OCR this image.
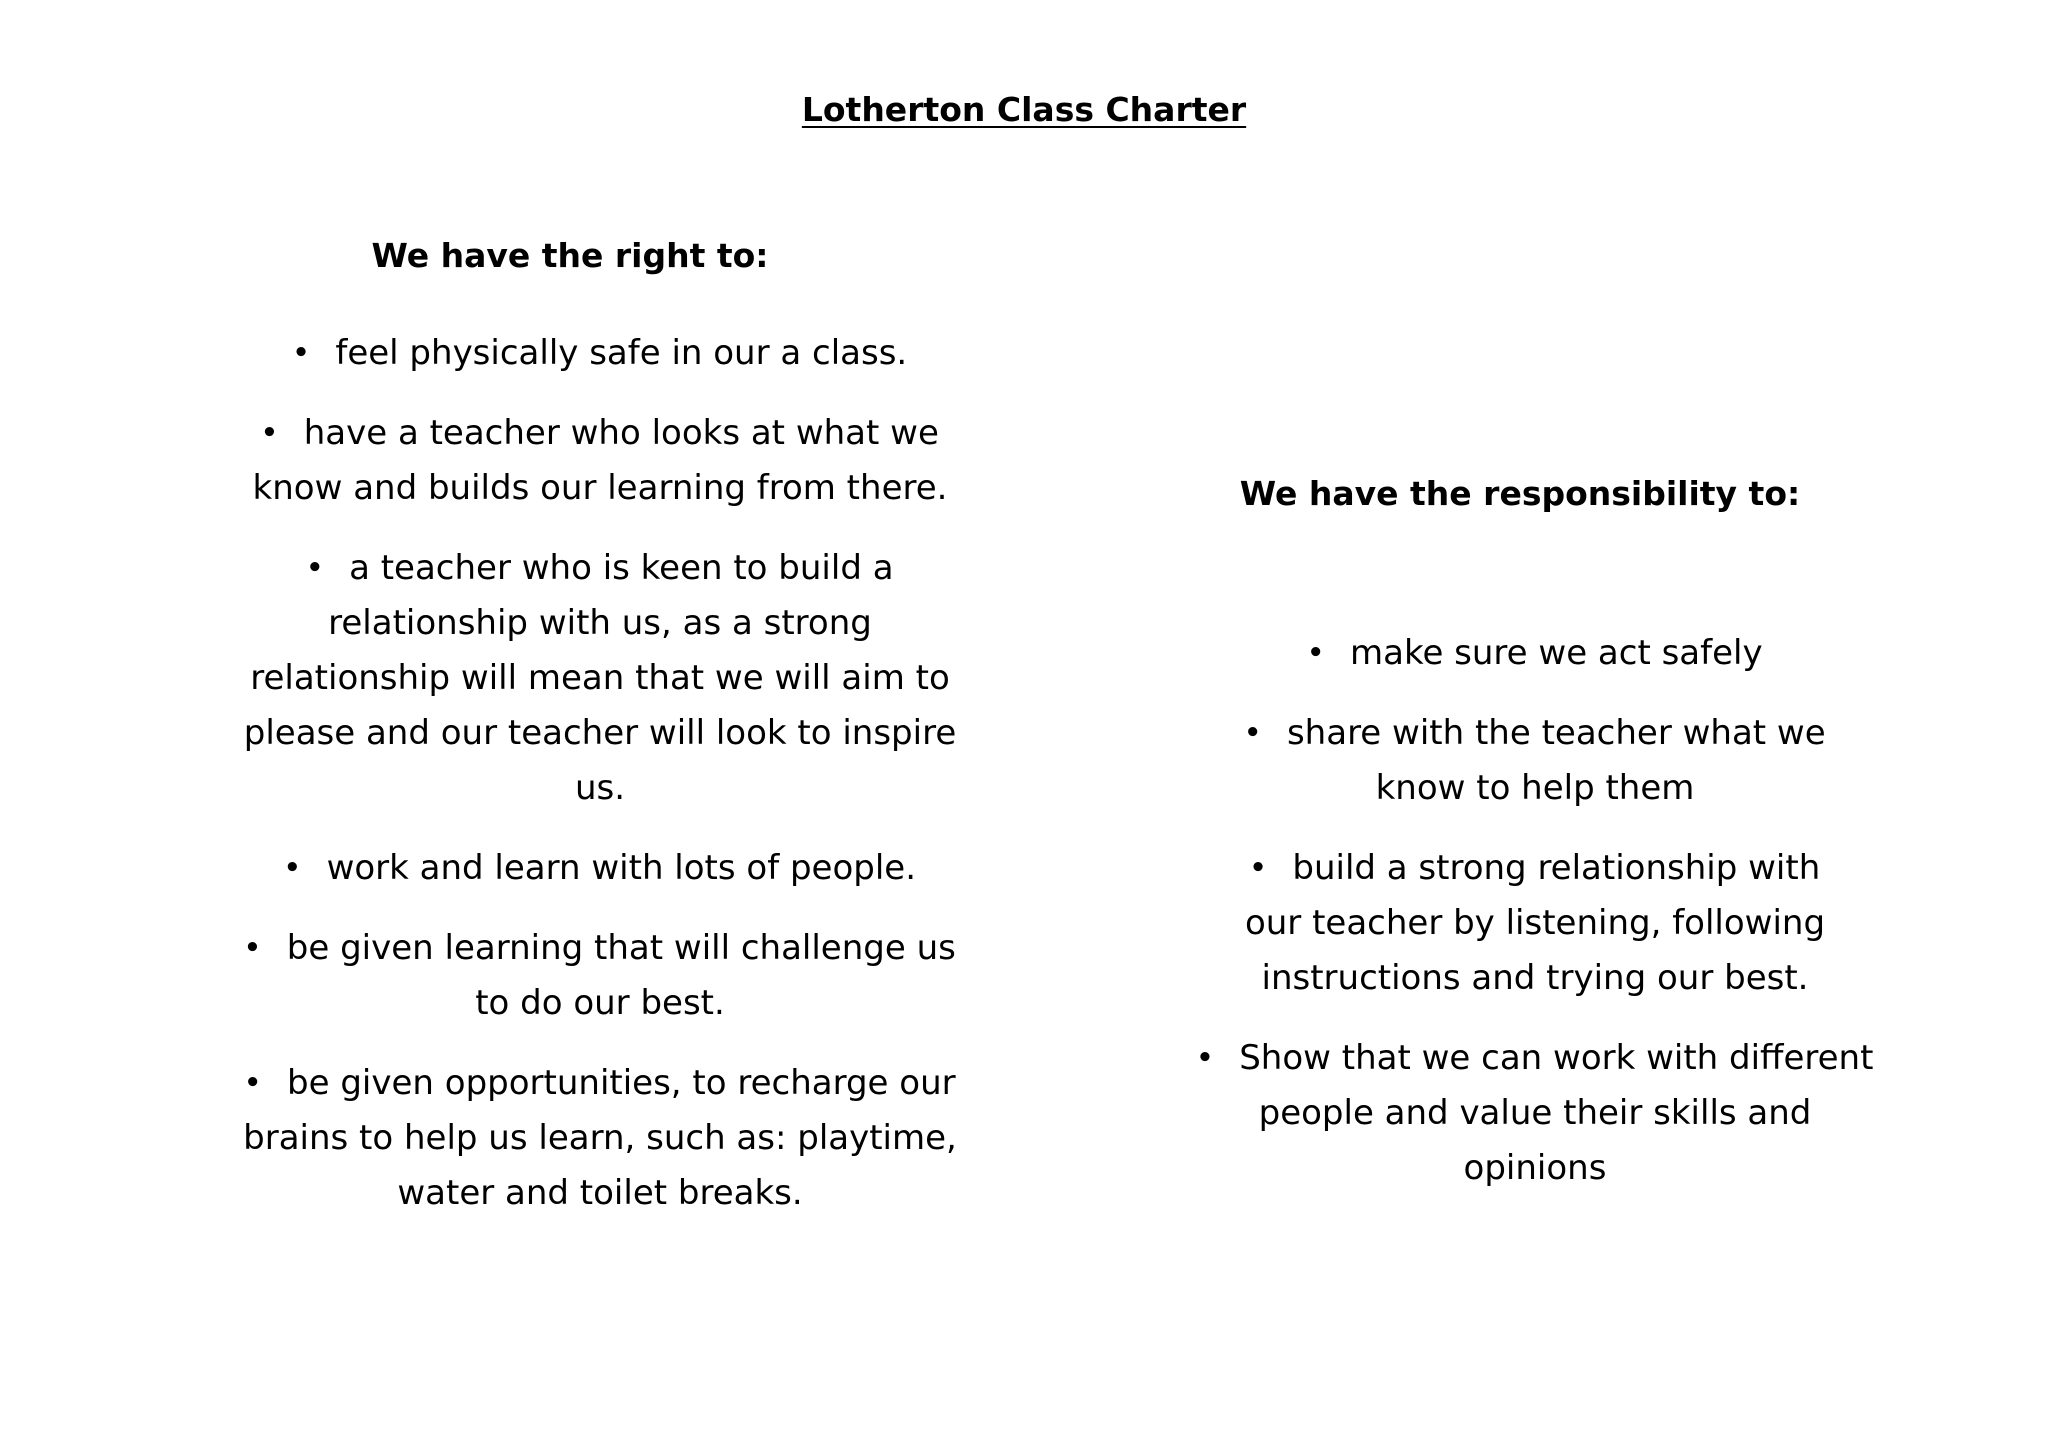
Lotherton Class Charter
We have the right to:
• feel physically safe in our a class.
• have a teacher who looks at what we know and builds our learning from there.
• a teacher who is keen to build a relationship with us, as a strong relationship will mean that we will aim to please and our teacher will look to inspire us.
• work and learn with lots of people.
• be given learning that will challenge us to do our best.
• be given opportunities, to recharge our brains to help us learn, such as: playtime, water and toilet breaks.
We have the responsibility to:
• make sure we act safely
• share with the teacher what we know to help them
• build a strong relationship with our teacher by listening, following instructions and trying our best.
• Show that we can work with different people and value their skills and opinions
